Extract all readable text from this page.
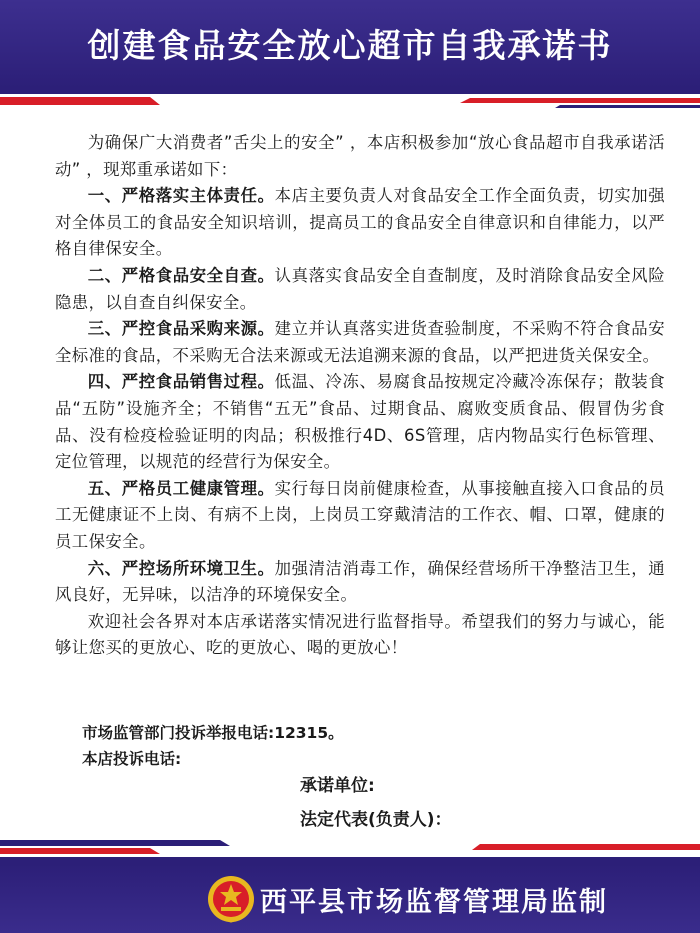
创建食品安全放心超市自我承诺书

为确保广大消费者”舌尖上的安全” ，本店积极参加“放心食品超市自我承诺活动” ，现郑重承诺如下：

一、严格落实主体责任。本店主要负责人对食品安全工作全面负责，切实加强对全体员工的食品安全知识培训，提高员工的食品安全自律意识和自律能力，以严格自律保安全。

二、严格食品安全自查。认真落实食品安全自查制度，及时消除食品安全风险隐患，以自查自纠保安全。

三、严控食品采购来源。建立并认真落实进货查验制度，不采购不符合食品安全标准的食品，不采购无合法来源或无法追溯来源的食品，以严把进货关保安全。

四、严控食品销售过程。低温、冷冻、易腐食品按规定冷藏冷冻保存；散装食品“五防”设施齐全；不销售“五无”食品、过期食品、腐败变质食品、假冒伪劣食品、没有检疫检验证明的肉品；积极推行4D、6S管理，店内物品实行色标管理、定位管理，以规范的经营行为保安全。

五、严格员工健康管理。实行每日岗前健康检查，从事接触直接入口食品的员工无健康证不上岗、有病不上岗，上岗员工穿戴清洁的工作衣、帽、口罩，健康的员工保安全。

六、严控场所环境卫生。加强清洁消毒工作，确保经营场所干净整洁卫生，通风良好，无异味，以洁净的环境保安全。

欢迎社会各界对本店承诺落实情况进行监督指导。希望我们的努力与诚心，能够让您买的更放心、吃的更放心、喝的更放心！

市场监管部门投诉举报电话:12315。
本店投诉电话:
承诺单位:
法定代表(负责人)：
西平县市场监督管理局监制
